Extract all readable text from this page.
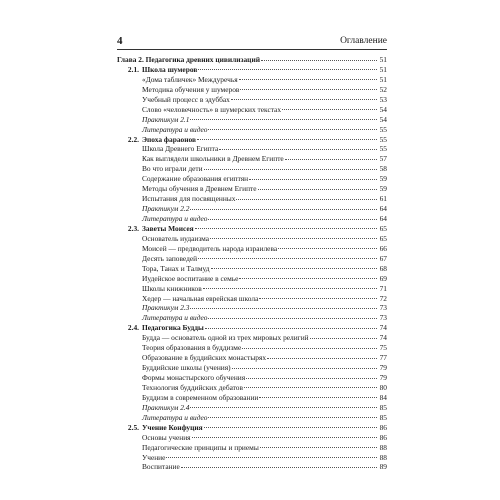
4	Оглавление
Глава 2. Педагогика древних цивилизаций	51
2.1. Школа шумеров	51
«Дома табличек» Междуречья	51
Методика обучения у шумеров	52
Учебный процесс в эдуббах	53
Слово «человечность» в шумерских текстах	54
Практикум 2.1	54
Литература и видео	55
2.2. Эпоха фараонов	55
Школа Древнего Египта	55
Как выглядели школьники в Древнем Египте	57
Во что играли дети	58
Содержание образования египтян	59
Методы обучения в Древнем Египте	59
Испытания для посвященных	61
Практикум 2.2	64
Литература и видео	64
2.3. Заветы Моисея	65
Основатель иудаизма	65
Моисей — предводитель народа израилева	66
Десять заповедей	67
Тора, Танах и Талмуд	68
Иудейское воспитание в семье	69
Школы книжников	71
Хедер — начальная еврейская школа	72
Практикум 2.3	73
Литература и видео	73
2.4. Педагогика Будды	74
Будда — основатель одной из трех мировых религий	74
Теория образования в буддизме	75
Образование в буддийских монастырях	77
Буддийские школы (учения)	79
Формы монастырского обучения	79
Технология буддийских дебатов	80
Буддизм в современном образовании	84
Практикум 2.4	85
Литература и видео	85
2.5. Учение Конфуция	86
Основы учения	86
Педагогические принципы и приемы	88
Учение	88
Воспитание	89
